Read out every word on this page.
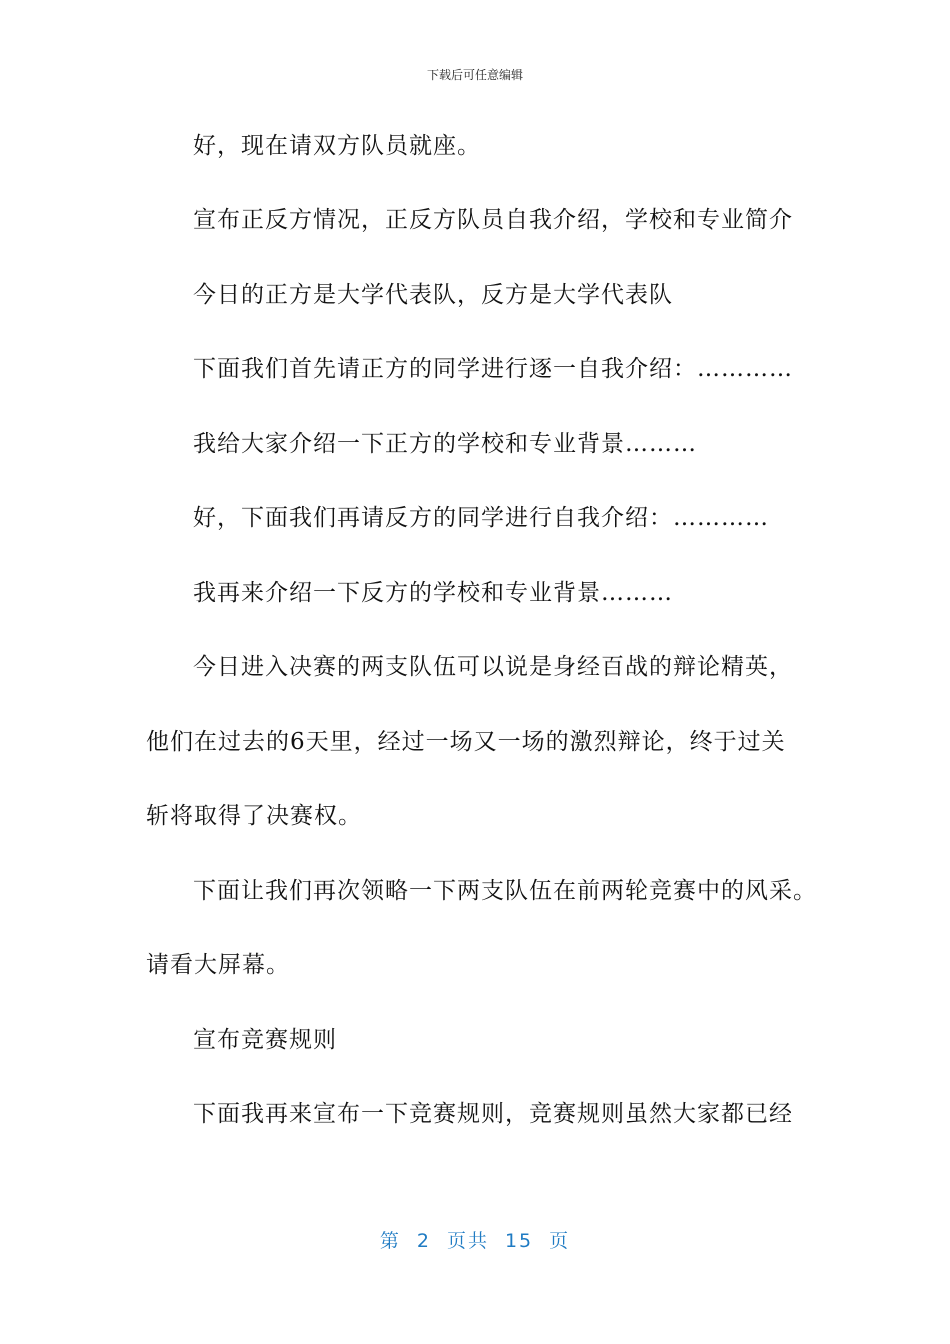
下载后可任意编辑
好，现在请双方队员就座。
宣布正反方情况，正反方队员自我介绍，学校和专业简介
今日的正方是大学代表队，反方是大学代表队
下面我们首先请正方的同学进行逐一自我介绍：…………
我给大家介绍一下正方的学校和专业背景………
好，下面我们再请反方的同学进行自我介绍：…………
我再来介绍一下反方的学校和专业背景………
今日进入决赛的两支队伍可以说是身经百战的辩论精英，
他们在过去的6天里，经过一场又一场的激烈辩论，终于过关
斩将取得了决赛权。
下面让我们再次领略一下两支队伍在前两轮竞赛中的风采。
请看大屏幕。
宣布竞赛规则
下面我再来宣布一下竞赛规则，竞赛规则虽然大家都已经
第 2 页共 15 页
